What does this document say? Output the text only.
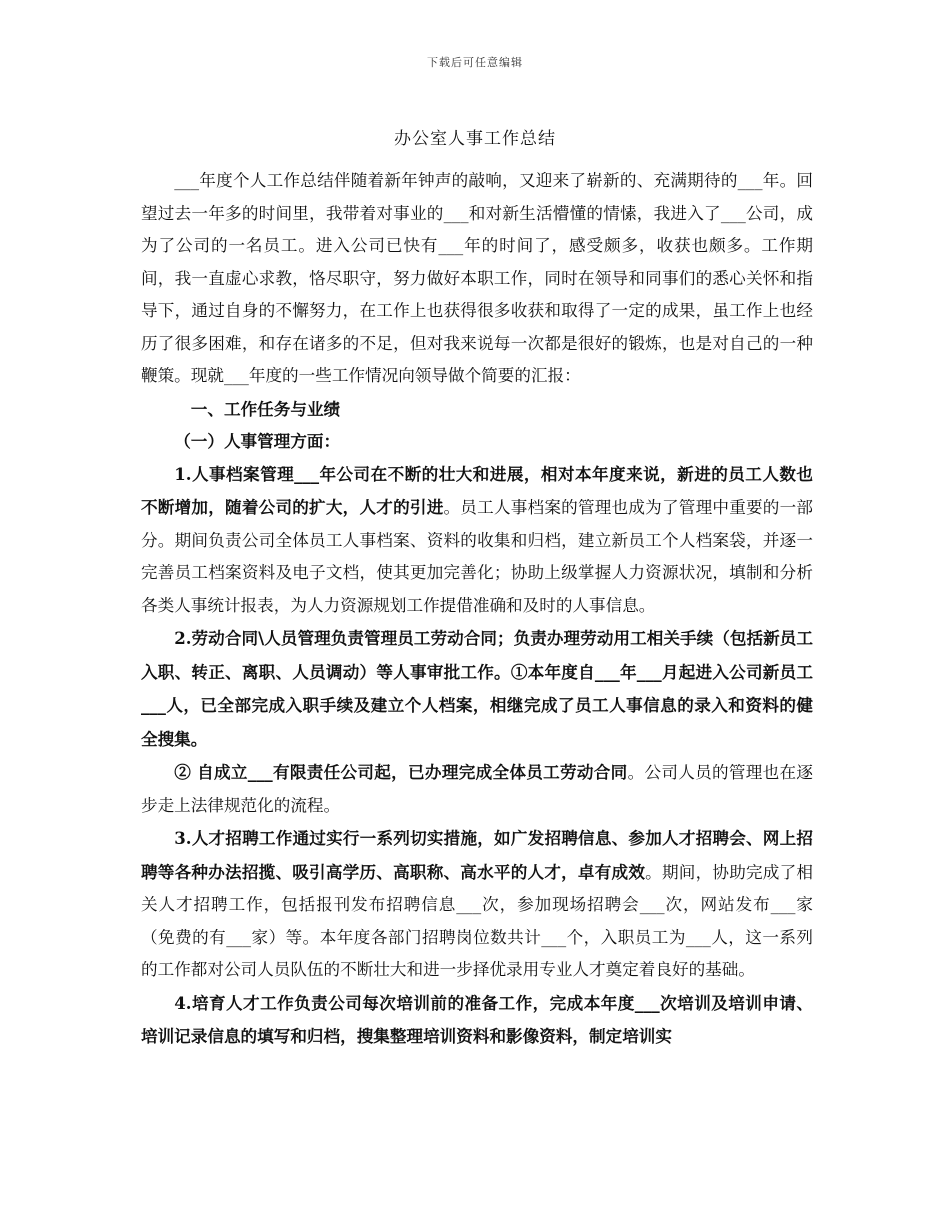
下载后可任意编辑
办公室人事工作总结

___年度个人工作总结伴随着新年钟声的敲响，又迎来了崭新的、充满期待的___年。回望过去一年多的时间里，我带着对事业的___和对新生活懵懂的情愫，我进入了___公司，成为了公司的一名员工。进入公司已快有___年的时间了，感受颇多，收获也颇多。工作期间，我一直虚心求教，恪尽职守，努力做好本职工作，同时在领导和同事们的悉心关怀和指导下，通过自身的不懈努力，在工作上也获得很多收获和取得了一定的成果，虽工作上也经历了很多困难，和存在诸多的不足，但对我来说每一次都是很好的锻炼，也是对自己的一种鞭策。现就___年度的一些工作情况向领导做个简要的汇报：

一、工作任务与业绩

（一）人事管理方面：

1.人事档案管理___年公司在不断的壮大和进展，相对本年度来说，新进的员工人数也不断增加，随着公司的扩大，人才的引进。员工人事档案的管理也成为了管理中重要的一部分。期间负责公司全体员工人事档案、资料的收集和归档，建立新员工个人档案袋，并逐一完善员工档案资料及电子文档，使其更加完善化；协助上级掌握人力资源状况，填制和分析各类人事统计报表，为人力资源规划工作提借准确和及时的人事信息。

2.劳动合同\人员管理负责管理员工劳动合同；负责办理劳动用工相关手续（包括新员工入职、转正、离职、人员调动）等人事审批工作。①本年度自___年___月起进入公司新员工___人，已全部完成入职手续及建立个人档案，相继完成了员工人事信息的录入和资料的健全搜集。

② 自成立___有限责任公司起，已办理完成全体员工劳动合同。公司人员的管理也在逐步走上法律规范化的流程。

3.人才招聘工作通过实行一系列切实措施，如广发招聘信息、参加人才招聘会、网上招聘等各种办法招揽、吸引高学历、高职称、高水平的人才，卓有成效。期间，协助完成了相关人才招聘工作，包括报刊发布招聘信息___次，参加现场招聘会___次，网站发布___家（免费的有___家）等。本年度各部门招聘岗位数共计___个，入职员工为___人，这一系列的工作都对公司人员队伍的不断壮大和进一步择优录用专业人才奠定着良好的基础。

4.培育人才工作负责公司每次培训前的准备工作，完成本年度___次培训及培训申请、培训记录信息的填写和归档，搜集整理培训资料和影像资料，制定培训实
